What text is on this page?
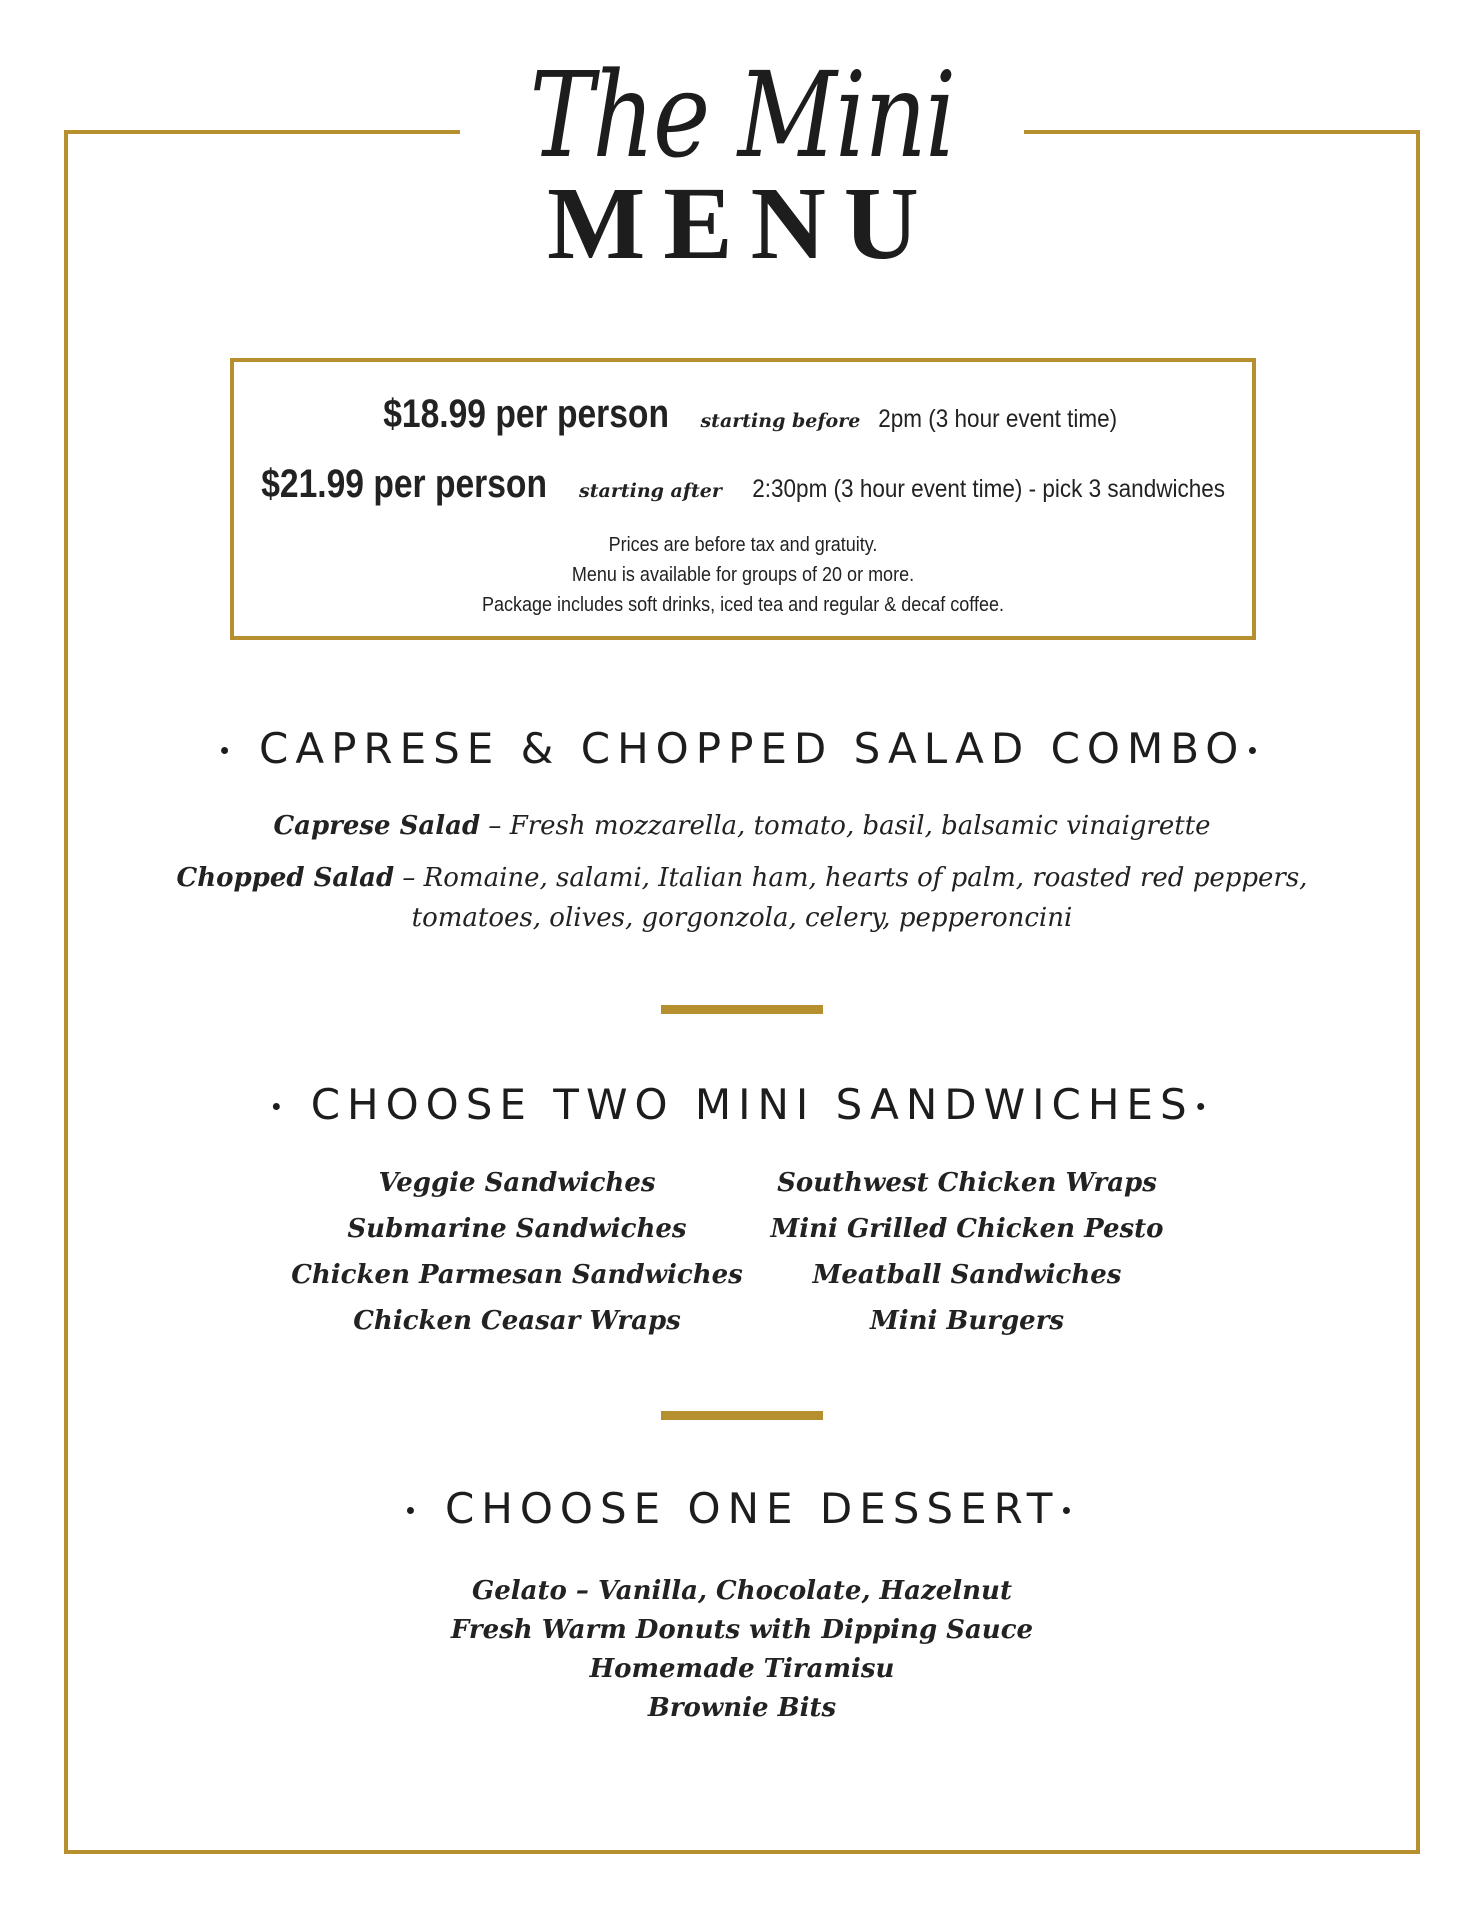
The Mini
MENU
$18.99 per person starting before 2pm (3 hour event time)
$21.99 per person starting after 2:30pm (3 hour event time) - pick 3 sandwiches
Prices are before tax and gratuity.
Menu is available for groups of 20 or more.
Package includes soft drinks, iced tea and regular & decaf coffee.
• CAPRESE & CHOPPED SALAD COMBO•
Caprese Salad – Fresh mozzarella, tomato, basil, balsamic vinaigrette
Chopped Salad – Romaine, salami, Italian ham, hearts of palm, roasted red peppers,
tomatoes, olives, gorgonzola, celery, pepperoncini
• CHOOSE TWO MINI SANDWICHES•
Veggie Sandwiches
Submarine Sandwiches
Chicken Parmesan Sandwiches
Chicken Ceasar Wraps
Southwest Chicken Wraps
Mini Grilled Chicken Pesto
Meatball Sandwiches
Mini Burgers
• CHOOSE ONE DESSERT•
Gelato – Vanilla, Chocolate, Hazelnut
Fresh Warm Donuts with Dipping Sauce
Homemade Tiramisu
Brownie Bits
